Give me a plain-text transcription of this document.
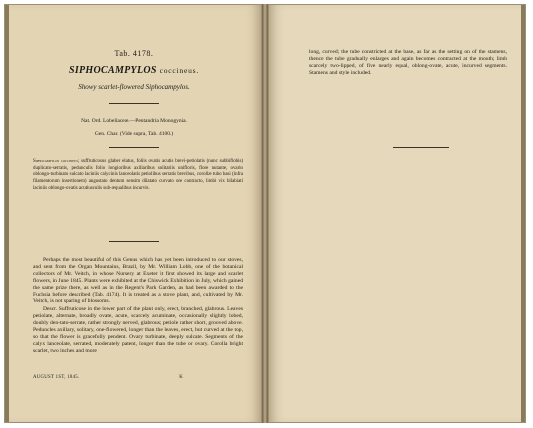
Tab. 4178.
SIPHOCAMPYLOS coccineus.
Showy scarlet-flowered Siphocampylos.
Nat. Ord. Lobeliaceæ.—Pentandria Monogynia.
Gen. Char. (Vide supra, Tab. 4100.)
Siphocampylos coccineus; suffruticosus glaber elatus, foliis ovatis acutis brevi-petiolatis (nunc subbiflobis) duplicato-serratis, pedunculis folio longioribus axillaribus solitariis unifloris, flore nutante, ovario oblongo-turbinato sulcato laciniis calycinis lanceolatis petiolibus serratis brevibus, corollæ tubo basi (infra filamentorum insertionem) angustato dentum sensim dilatato curvato ore contracto, limbi vix bilabiati laciniis oblongo-ovatis acutiusculis sub-æqualibus incurvis.

Perhaps the most beautiful of this Genus which has yet been introduced to our stoves, and sent from the Organ Mountains, Brazil, by Mr. William Lobb, one of the botanical collectors of Mr. Veitch, in whose Nursery at Exeter it first showed its large and scarlet flowers, in June 1845. Plants were exhibited at the Chiswick Exhibition in July, which gained the same prize there, as well as in the Regent's Park Garden, as had been awarded to the Fuchsia before described (Tab. 4174). It is treated as a stove plant, and, cultivated by Mr. Veitch, is not sparing of blossoms.

Descr. Suffruticose in the lower part of the plant only, erect, branched, glabrous. Leaves petiolate, alternate, broadly ovate, acute, scarcely acuminate, occasionally slightly lobed, doubly den-tato-serrate, rather strongly nerved, glabrous; petiole rather short, grooved above. Peduncles axillary, solitary, one-flowered, longer than the leaves, erect, but curved at the top, so that the flower is gracefully pendent. Ovary turbinate, deeply sulcate. Segments of the calyx lanceolate, serrated, moderately patent, longer than the tube or ovary. Corolla bright scarlet, two inches and more

AUGUST 1ST, 1845.	K
long, curved; the tube constricted at the base, as far as the setting on of the stamens, thence the tube gradually enlarges and again becomes contracted at the mouth; limb scarcely two-lipped, of five nearly equal, oblong-ovate, acute, incurved segments. Stamens and style included.
